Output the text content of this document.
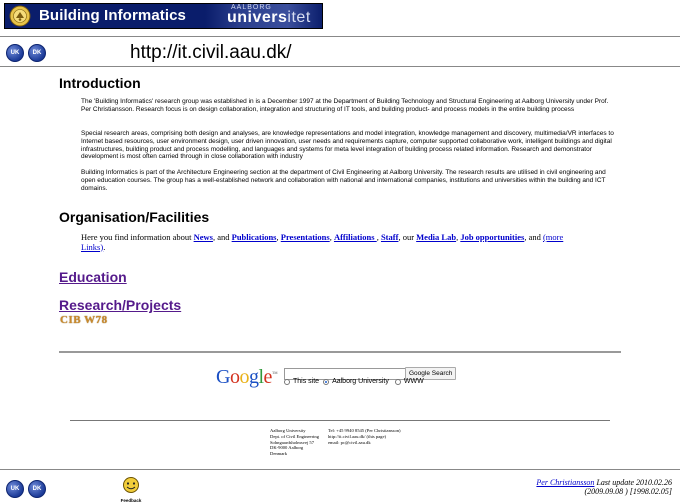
Building Informatics	AALBORG
universitet
UK DK	http://it.civil.aau.dk/
Introduction
The 'Building Informatics' research group was established in is a December 1997 at the Department of Building Technology and Structural Engineering at Aalborg University under Prof. Per Christiansson. Research focus is on design collaboration, integration and structuring of IT tools, and building product- and process models in the entire building process
Special research areas, comprising both design and analyses, are knowledge representations and model integration, knowledge management and discovery, multimedia/VR interfaces to Internet based resources, user environment design, user driven innovation, user needs and requirements capture, computer supported collaborative work, intelligent buildings and digital infrastructures, building product and process modelling, and languages and systems for meta level integration of building process related information. Research and demonstrator development is most often carried through in close collaboration with industry
Building Informatics is part of the Architecture Engineering section at the department of Civil Engineering at Aalborg University. The research results are utilised in civil engineering and open education courses. The group has a well-established network and collaboration with national and international companies, institutions and universities within the building and ICT domains.
Organisation/Facilities
Here you find information about News, and Publications, Presentations, Affiliations , Staff, our Media Lab, Job opportunities, and (more
Links).
Education
Research/Projects
CIB W78
Google™	Google Search
This site Aalborg University WWW
Aalborg University
Dept. of Civil Engineering
Sohngaardsholmsvej 57
DK-9000 Aalborg
Denmark
Tel: +45 9940 8545 (Per Christiansson)
http://it.civil.aau.dk/ (this page)
email: pc@civil.aau.dk
UK DK
Feedback
Per Christiansson Last update 2010.02.26
(2009.09.08 ) [1998.02.05]
